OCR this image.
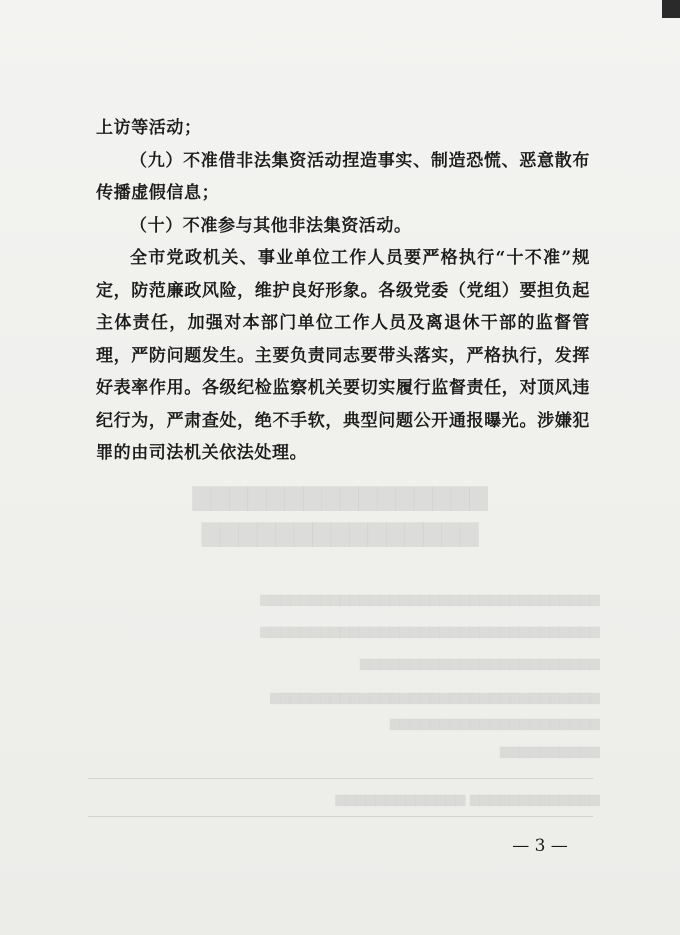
▇▇▇▇▇▇▇▇▇▇▇▇▇▇▇▇
▇▇▇▇▇▇▇▇▇▇▇▇▇▇▇
▆▆▆▆▆▆▆▆▆▆▆▆▆▆▆▆▆▆▆▆▆▆▆▆▆▆▆▆▆▆▆▆▆▆
▆▆▆▆▆▆▆▆▆▆▆▆▆▆▆▆▆▆▆▆▆▆▆▆▆▆▆▆▆▆▆▆▆▆
▆▆▆▆▆▆▆▆▆▆▆▆▆▆▆▆▆▆▆▆▆▆▆▆
▆▆▆▆▆▆▆▆▆▆▆▆▆▆▆▆▆▆▆▆▆▆▆▆▆▆▆▆▆▆▆▆▆
▆▆▆▆▆▆▆▆▆▆▆▆▆▆▆▆▆▆▆▆▆
▆▆▆▆▆▆▆▆▆▆
▆▆▆▆▆▆▆▆▆▆▆▆▆ ▆▆▆▆▆▆▆▆▆▆▆▆▆

上访等活动；

（九）不准借非法集资活动捏造事实、制造恐慌、恶意散布传播虚假信息；

（十）不准参与其他非法集资活动。

全市党政机关、事业单位工作人员要严格执行“十不准”规定，防范廉政风险，维护良好形象。各级党委（党组）要担负起主体责任，加强对本部门单位工作人员及离退休干部的监督管理，严防问题发生。主要负责同志要带头落实，严格执行，发挥好表率作用。各级纪检监察机关要切实履行监督责任，对顶风违纪行为，严肃查处，绝不手软，典型问题公开通报曝光。涉嫌犯罪的由司法机关依法处理。

— 3 —
